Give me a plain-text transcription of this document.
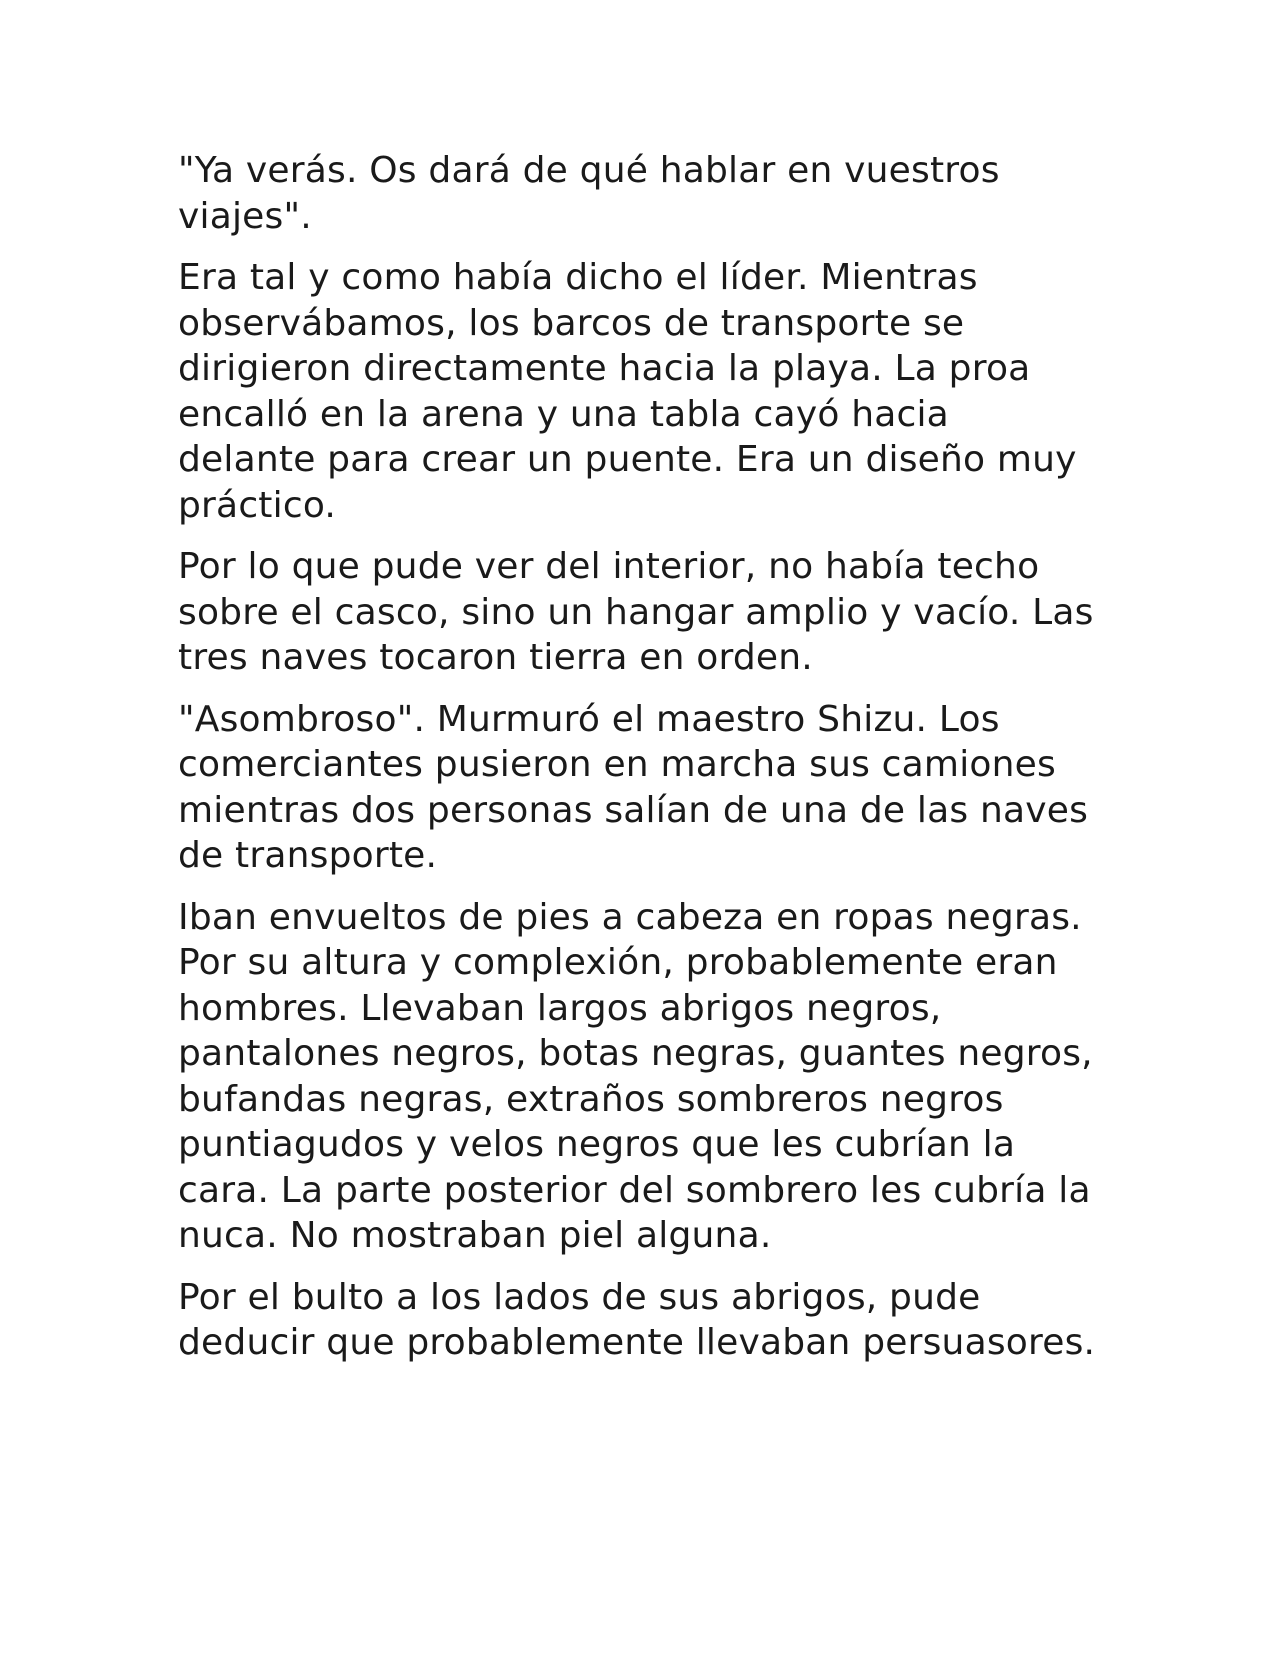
"Ya verás. Os dará de qué hablar en vuestros viajes".

Era tal y como había dicho el líder. Mientras observábamos, los barcos de transporte se dirigieron directamente hacia la playa. La proa encalló en la arena y una tabla cayó hacia delante para crear un puente. Era un diseño muy práctico.

Por lo que pude ver del interior, no había techo sobre el casco, sino un hangar amplio y vacío. Las tres naves tocaron tierra en orden.

"Asombroso". Murmuró el maestro Shizu. Los comerciantes pusieron en marcha sus camiones mientras dos personas salían de una de las naves de transporte.

Iban envueltos de pies a cabeza en ropas negras. Por su altura y complexión, probablemente eran hombres. Llevaban largos abrigos negros, pantalones negros, botas negras, guantes negros, bufandas negras, extraños sombreros negros puntiagudos y velos negros que les cubrían la cara. La parte posterior del sombrero les cubría la nuca. No mostraban piel alguna.

Por el bulto a los lados de sus abrigos, pude deducir que probablemente llevaban persuasores.
